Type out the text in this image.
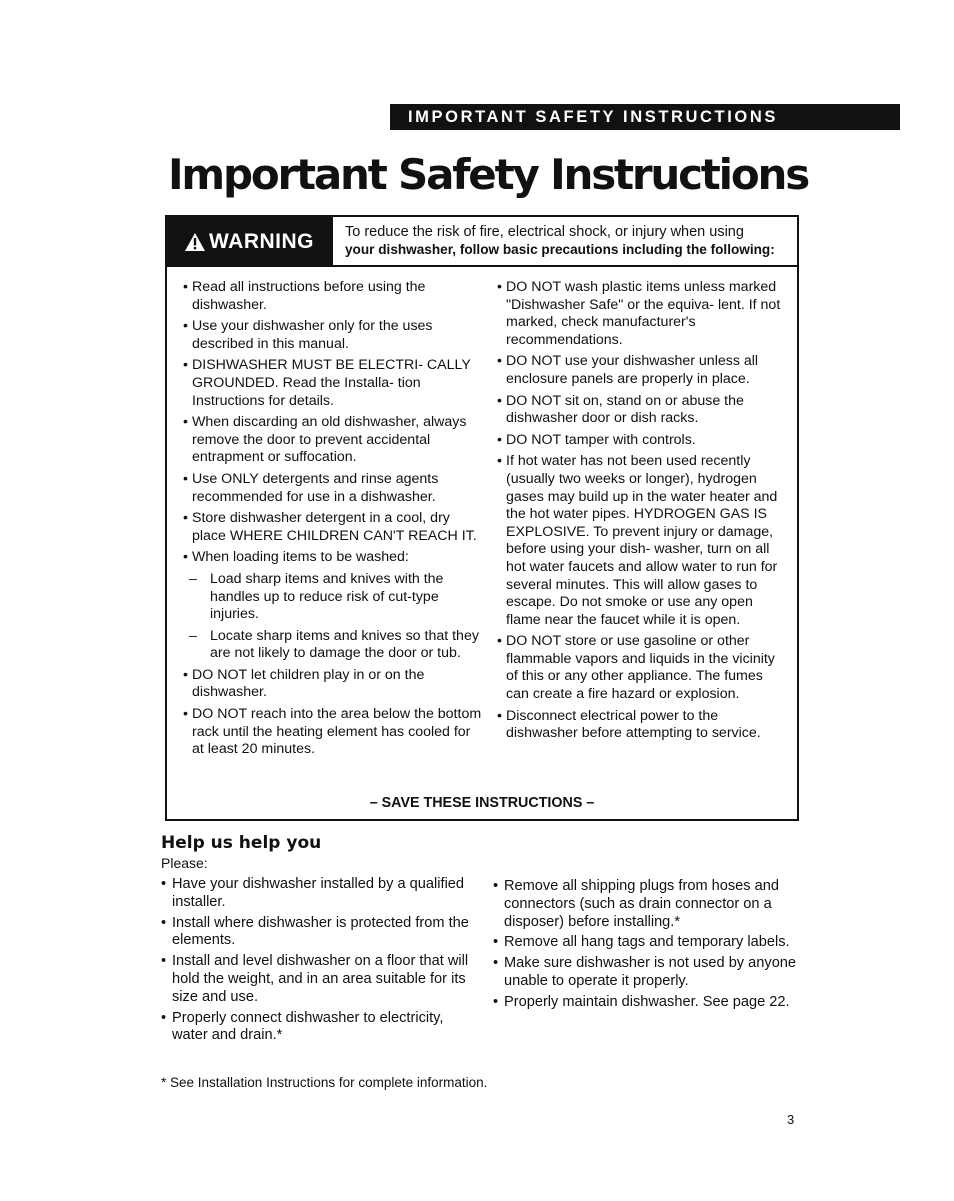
IMPORTANT SAFETY INSTRUCTIONS
Important Safety Instructions
WARNING To reduce the risk of fire, electrical shock, or injury when using
your dishwasher, follow basic precautions including the following:
• Read all instructions before using the dishwasher.
• Use your dishwasher only for the uses described in this manual.
• DISHWASHER MUST BE ELECTRI- CALLY GROUNDED. Read the Installa- tion Instructions for details.
• When discarding an old dishwasher, always remove the door to prevent accidental entrapment or suffocation.
• Use ONLY detergents and rinse agents recommended for use in a dishwasher.
• Store dishwasher detergent in a cool, dry place WHERE CHILDREN CAN'T REACH IT.
• When loading items to be washed:
– Load sharp items and knives with the handles up to reduce risk of cut-type injuries.
– Locate sharp items and knives so that they are not likely to damage the door or tub.
• DO NOT let children play in or on the dishwasher.
• DO NOT reach into the area below the bottom rack until the heating element has cooled for at least 20 minutes.
• DO NOT wash plastic items unless marked "Dishwasher Safe" or the equiva- lent. If not marked, check manufacturer's recommendations.
• DO NOT use your dishwasher unless all enclosure panels are properly in place.
• DO NOT sit on, stand on or abuse the dishwasher door or dish racks.
• DO NOT tamper with controls.
• If hot water has not been used recently (usually two weeks or longer), hydrogen gases may build up in the water heater and the hot water pipes. HYDROGEN GAS IS EXPLOSIVE. To prevent injury or damage, before using your dish- washer, turn on all hot water faucets and allow water to run for several minutes. This will allow gases to escape. Do not smoke or use any open flame near the faucet while it is open.
• DO NOT store or use gasoline or other flammable vapors and liquids in the vicinity of this or any other appliance. The fumes can create a fire hazard or explosion.
• Disconnect electrical power to the dishwasher before attempting to service.
– SAVE THESE INSTRUCTIONS –
Help us help you
Please:
• Have your dishwasher installed by a qualified installer.
• Install where dishwasher is protected from the elements.
• Install and level dishwasher on a floor that will hold the weight, and in an area suitable for its size and use.
• Properly connect dishwasher to electricity, water and drain.*
• Remove all shipping plugs from hoses and connectors (such as drain connector on a disposer) before installing.*
• Remove all hang tags and temporary labels.
• Make sure dishwasher is not used by anyone unable to operate it properly.
• Properly maintain dishwasher. See page 22.
* See Installation Instructions for complete information.
3
